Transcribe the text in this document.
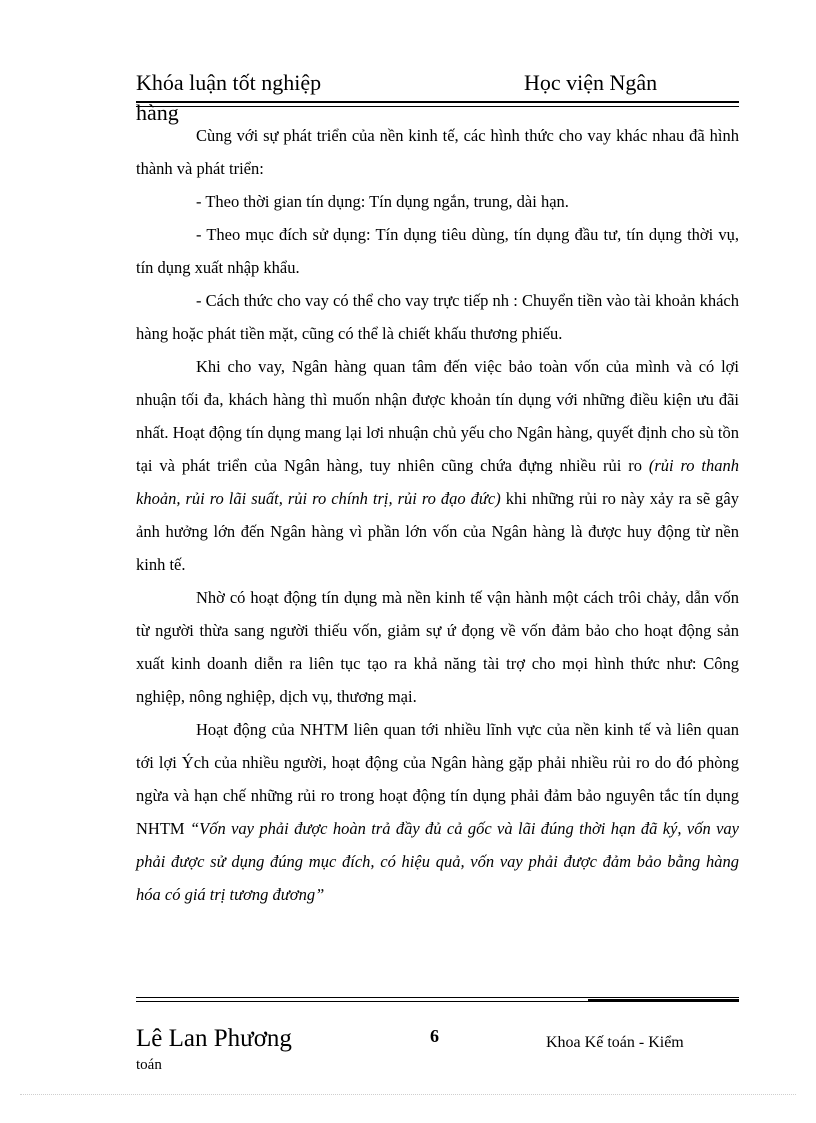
Khóa luận tốt nghiệp	Học viện Ngân
hàng

Cùng với sự phát triển của nền kinh tế, các hình thức cho vay khác nhau đã hình thành và phát triển:

- Theo thời gian tín dụng: Tín dụng ngắn, trung, dài hạn.

- Theo mục đích sử dụng: Tín dụng tiêu dùng, tín dụng đầu tư, tín dụng thời vụ, tín dụng xuất nhập khẩu.

- Cách thức cho vay có thể cho vay trực tiếp nh : Chuyển tiền vào tài khoản khách hàng hoặc phát tiền mặt, cũng có thể là chiết khấu thương phiếu.

Khi cho vay, Ngân hàng quan tâm đến việc bảo toàn vốn của mình và có lợi nhuận tối đa, khách hàng thì muốn nhận được khoản tín dụng với những điều kiện ưu đãi nhất. Hoạt động tín dụng mang lại lơi nhuận chủ yếu cho Ngân hàng, quyết định cho sù tồn tại và phát triển của Ngân hàng, tuy nhiên cũng chứa đựng nhiều rủi ro (rủi ro thanh khoản, rủi ro lãi suất, rủi ro chính trị, rủi ro đạo đức) khi những rủi ro này xảy ra sẽ gây ảnh hưởng lớn đến Ngân hàng vì phần lớn vốn của Ngân hàng là được huy động từ nền kinh tế.

Nhờ có hoạt động tín dụng mà nền kinh tế vận hành một cách trôi chảy, dẫn vốn từ người thừa sang người thiếu vốn, giảm sự ứ đọng về vốn đảm bảo cho hoạt động sản xuất kinh doanh diễn ra liên tục tạo ra khả năng tài trợ cho mọi hình thức như: Công nghiệp, nông nghiệp, dịch vụ, thương mại.

Hoạt động của NHTM liên quan tới nhiều lĩnh vực của nền kinh tế và liên quan tới lợi Ých của nhiều người, hoạt động của Ngân hàng gặp phải nhiều rủi ro do đó phòng ngừa và hạn chế những rủi ro trong hoạt động tín dụng phải đảm bảo nguyên tắc tín dụng NHTM “Vốn vay phải được hoàn trả đầy đủ cả gốc và lãi đúng thời hạn đã ký, vốn vay phải được sử dụng đúng mục đích, có hiệu quả, vốn vay phải được đảm bảo bằng hàng hóa có giá trị tương đương”

Lê Lan Phương
toán
6	Khoa Kế toán - Kiểm
